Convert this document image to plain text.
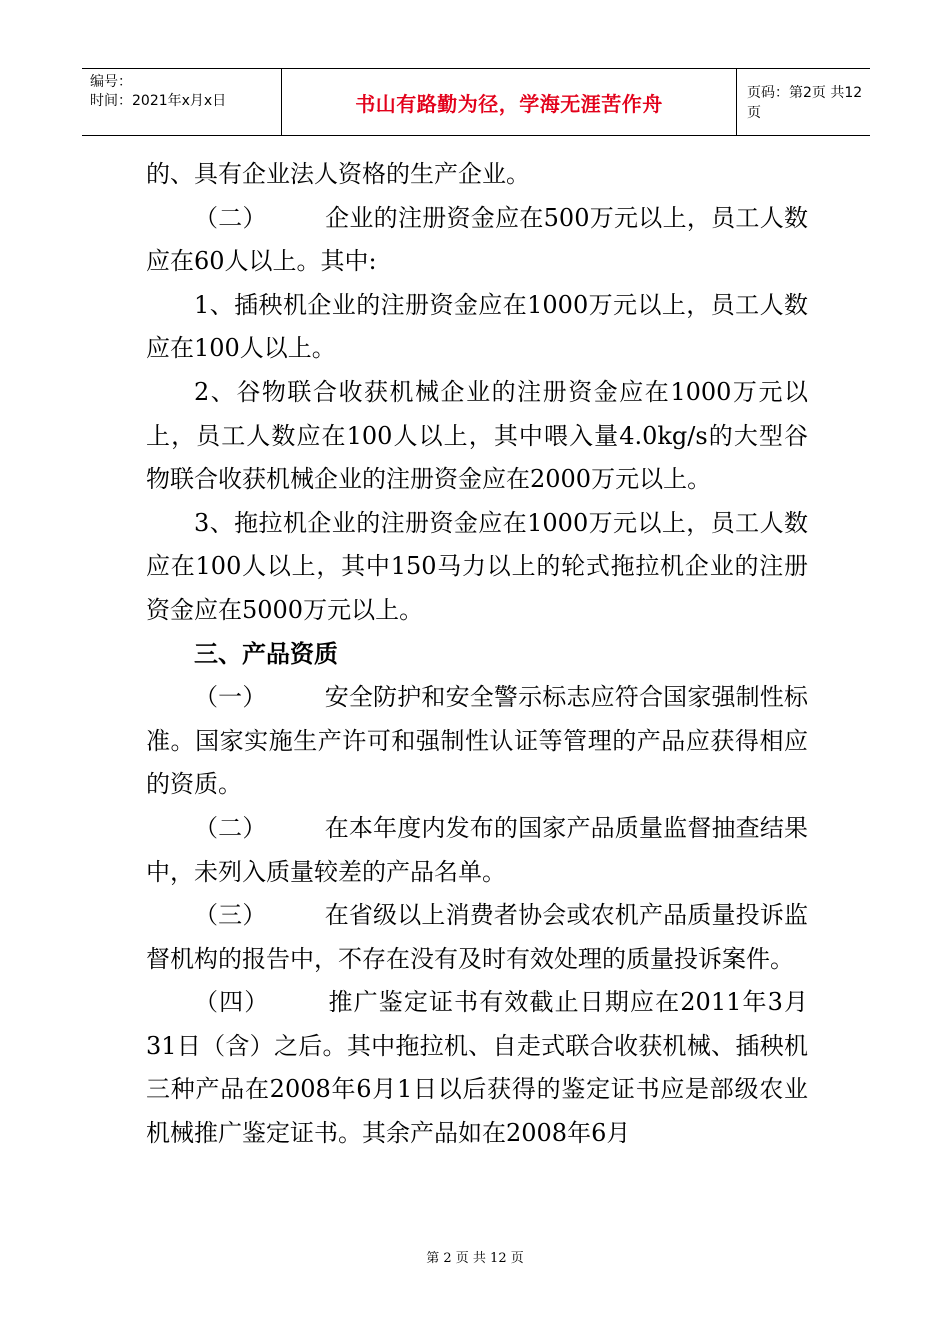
编号：
时间：2021年x月x日	书山有路勤为径，学海无涯苦作舟	页码：第2页 共12页

的、具有企业法人资格的生产企业。

（二） 企业的注册资金应在500万元以上，员工人数应在60人以上。其中:

1、插秧机企业的注册资金应在1000万元以上，员工人数应在100人以上。

2、谷物联合收获机械企业的注册资金应在1000万元以上，员工人数应在100人以上，其中喂入量4.0kg/s的大型谷物联合收获机械企业的注册资金应在2000万元以上。

3、拖拉机企业的注册资金应在1000万元以上，员工人数应在100人以上，其中150马力以上的轮式拖拉机企业的注册资金应在5000万元以上。

三、产品资质

（一） 安全防护和安全警示标志应符合国家强制性标准。国家实施生产许可和强制性认证等管理的产品应获得相应的资质。

（二） 在本年度内发布的国家产品质量监督抽查结果中，未列入质量较差的产品名单。

（三） 在省级以上消费者协会或农机产品质量投诉监督机构的报告中，不存在没有及时有效处理的质量投诉案件。

（四） 推广鉴定证书有效截止日期应在2011年3月31日（含）之后。其中拖拉机、自走式联合收获机械、插秧机三种产品在2008年6月1日以后获得的鉴定证书应是部级农业机械推广鉴定证书。其余产品如在2008年6月

第 2 页 共 12 页
